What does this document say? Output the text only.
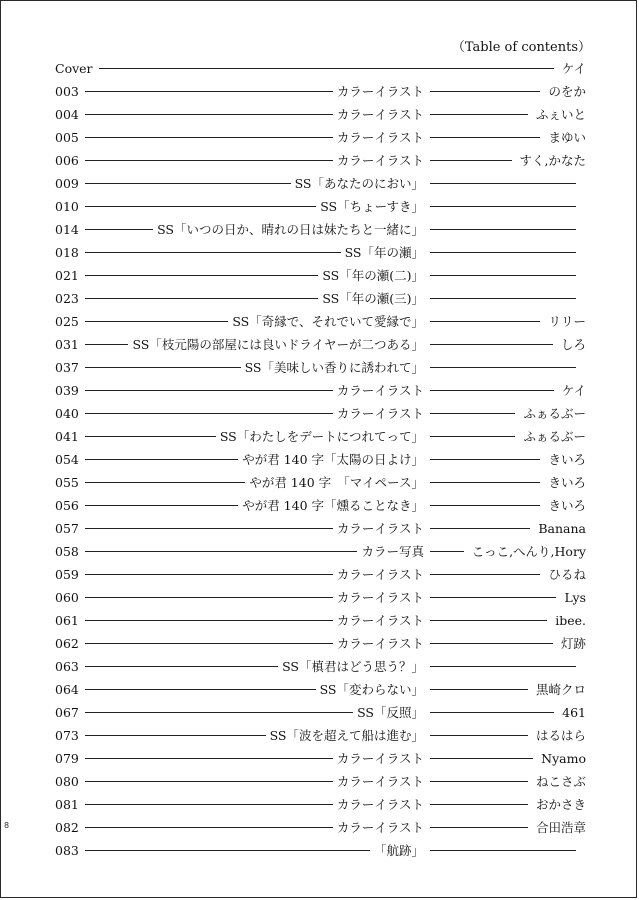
（Table of contents）
Cover	ケイ
003	カラーイラスト	のをか
004	カラーイラスト	ふぇいと
005	カラーイラスト	まゆい
006	カラーイラスト	すく,かなた
009	SS「あなたのにおい」
010	SS「ちょーすき」
014	SS「いつの日か、晴れの日は妹たちと一緒に」
018	SS「年の瀬」
021	SS「年の瀬(二)」
023	SS「年の瀬(三)」
025	SS「奇縁で、それでいて愛縁で」	リリー
031	SS「枝元陽の部屋には良いドライヤーが二つある」	しろ
037	SS「美味しい香りに誘われて」
039	カラーイラスト	ケイ
040	カラーイラスト	ふぁるぶー
041	SS「わたしをデートにつれてって」	ふぁるぶー
054	やが君 140 字「太陽の日よけ」	きいろ
055	やが君 140 字　「マイペース」	きいろ
056	やが君 140 字「燻ることなき」	きいろ
057	カラーイラスト	Banana
058	カラー写真	こっこ,へんり,Hory
059	カラーイラスト	ひるね
060	カラーイラスト	Lys
061	カラーイラスト	ibee.
062	カラーイラスト	灯跡
063	SS「槙君はどう思う？」
064	SS「変わらない」	黒崎クロ
067	SS「反照」	461
073	SS「波を超えて船は進む」	はるはら
079	カラーイラスト	Nyamo
080	カラーイラスト	ねこさぶ
081	カラーイラスト	おかさき
082	カラーイラスト	合田浩章
083	「航跡」
8
